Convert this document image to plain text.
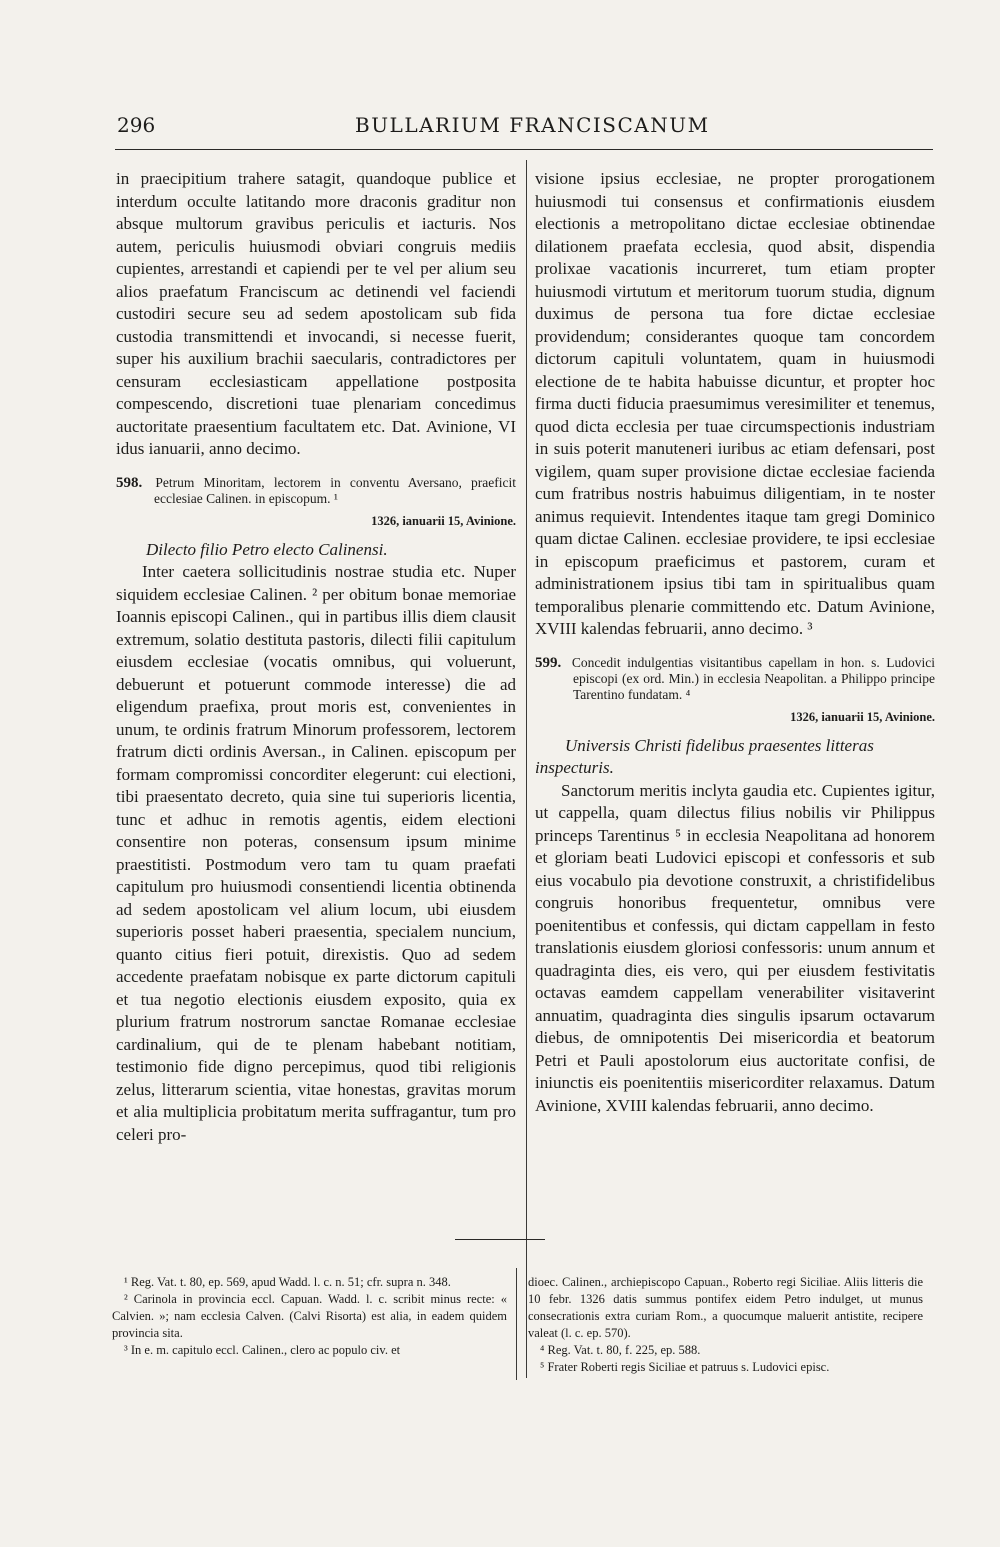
296	BULLARIUM FRANCISCANUM

in praecipitium trahere satagit, quandoque publice et interdum occulte latitando more draconis graditur non absque multorum gravibus periculis et iacturis. Nos autem, periculis huiusmodi obviari congruis mediis cupientes, arrestandi et capiendi per te vel per alium seu alios praefatum Franciscum ac detinendi vel faciendi custodiri secure seu ad sedem apostolicam sub fida custodia transmittendi et invocandi, si necesse fuerit, super his auxilium brachii saecularis, contradictores per censuram ecclesiasticam appellatione postposita compescendo, discretioni tuae plenariam concedimus auctoritate praesentium facultatem etc. Dat. Avinione, VI idus ianuarii, anno decimo.

598. Petrum Minoritam, lectorem in conventu Aversano, praeficit ecclesiae Calinen. in episcopum. ¹

1326, ianuarii 15, Avinione.

Dilecto filio Petro electo Calinensi.

Inter caetera sollicitudinis nostrae studia etc. Nuper siquidem ecclesiae Calinen. ² per obitum bonae memoriae Ioannis episcopi Calinen., qui in partibus illis diem clausit extremum, solatio destituta pastoris, dilecti filii capitulum eiusdem ecclesiae (vocatis omnibus, qui voluerunt, debuerunt et potuerunt commode interesse) die ad eligendum praefixa, prout moris est, convenientes in unum, te ordinis fratrum Minorum professorem, lectorem fratrum dicti ordinis Aversan., in Calinen. episcopum per formam compromissi concorditer elegerunt: cui electioni, tibi praesentato decreto, quia sine tui superioris licentia, tunc et adhuc in remotis agentis, eidem electioni consentire non poteras, consensum ipsum minime praestitisti. Postmodum vero tam tu quam praefati capitulum pro huiusmodi consentiendi licentia obtinenda ad sedem apostolicam vel alium locum, ubi eiusdem superioris posset haberi praesentia, specialem nuncium, quanto citius fieri potuit, direxistis. Quo ad sedem accedente praefatam nobisque ex parte dictorum capituli et tua negotio electionis eiusdem exposito, quia ex plurium fratrum nostrorum sanctae Romanae ecclesiae cardinalium, qui de te plenam habebant notitiam, testimonio fide digno percepimus, quod tibi religionis zelus, litterarum scientia, vitae honestas, gravitas morum et alia multiplicia probitatum merita suffragantur, tum pro celeri pro-

visione ipsius ecclesiae, ne propter prorogationem huiusmodi tui consensus et confirmationis eiusdem electionis a metropolitano dictae ecclesiae obtinendae dilationem praefata ecclesia, quod absit, dispendia prolixae vacationis incurreret, tum etiam propter huiusmodi virtutum et meritorum tuorum studia, dignum duximus de persona tua fore dictae ecclesiae providendum; considerantes quoque tam concordem dictorum capituli voluntatem, quam in huiusmodi electione de te habita habuisse dicuntur, et propter hoc firma ducti fiducia praesumimus veresimiliter et tenemus, quod dicta ecclesia per tuae circumspectionis industriam in suis poterit manuteneri iuribus ac etiam defensari, post vigilem, quam super provisione dictae ecclesiae facienda cum fratribus nostris habuimus diligentiam, in te noster animus requievit. Intendentes itaque tam gregi Dominico quam dictae Calinen. ecclesiae providere, te ipsi ecclesiae in episcopum praeficimus et pastorem, curam et administrationem ipsius tibi tam in spiritualibus quam temporalibus plenarie committendo etc. Datum Avinione, XVIII kalendas februarii, anno decimo. ³

599. Concedit indulgentias visitantibus capellam in hon. s. Ludovici episcopi (ex ord. Min.) in ecclesia Neapolitan. a Philippo principe Tarentino fundatam. ⁴

1326, ianuarii 15, Avinione.

Universis Christi fidelibus praesentes litteras inspecturis.

Sanctorum meritis inclyta gaudia etc. Cupientes igitur, ut cappella, quam dilectus filius nobilis vir Philippus princeps Tarentinus ⁵ in ecclesia Neapolitana ad honorem et gloriam beati Ludovici episcopi et confessoris et sub eius vocabulo pia devotione construxit, a christifidelibus congruis honoribus frequentetur, omnibus vere poenitentibus et confessis, qui dictam cappellam in festo translationis eiusdem gloriosi confessoris: unum annum et quadraginta dies, eis vero, qui per eiusdem festivitatis octavas eamdem cappellam venerabiliter visitaverint annuatim, quadraginta dies singulis ipsarum octavarum diebus, de omnipotentis Dei misericordia et beatorum Petri et Pauli apostolorum eius auctoritate confisi, de iniunctis eis poenitentiis misericorditer relaxamus. Datum Avinione, XVIII kalendas februarii, anno decimo.

¹ Reg. Vat. t. 80, ep. 569, apud Wadd. l. c. n. 51; cfr. supra n. 348.

² Carinola in provincia eccl. Capuan. Wadd. l. c. scribit minus recte: « Calvien. »; nam ecclesia Calven. (Calvi Risorta) est alia, in eadem quidem provincia sita.

³ In e. m. capitulo eccl. Calinen., clero ac populo civ. et

dioec. Calinen., archiepiscopo Capuan., Roberto regi Siciliae. Aliis litteris die 10 febr. 1326 datis summus pontifex eidem Petro indulget, ut munus consecrationis extra curiam Rom., a quocumque maluerit antistite, recipere valeat (l. c. ep. 570).

⁴ Reg. Vat. t. 80, f. 225, ep. 588.

⁵ Frater Roberti regis Siciliae et patruus s. Ludovici episc.
